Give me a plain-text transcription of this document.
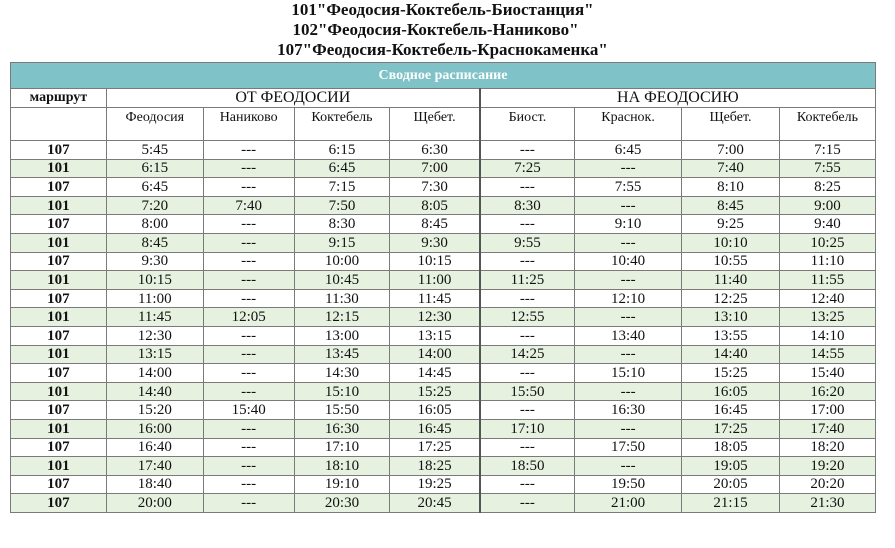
101"Феодосия-Коктебель-Биостанция"
102"Феодосия-Коктебель-Наниково"
107"Феодосия-Коктебель-Краснокаменка"
Сводное расписание								
маршрут	ОТ ФЕОДОСИИ				НА ФЕОДОСИЮ			
	Феодосия	Наниково	Коктебель	Щебет.	Биост.	Краснок.	Щебет.	Коктебель
107	5:45	---	6:15	6:30	---	6:45	7:00	7:15
101	6:15	---	6:45	7:00	7:25	---	7:40	7:55
107	6:45	---	7:15	7:30	---	7:55	8:10	8:25
101	7:20	7:40	7:50	8:05	8:30	---	8:45	9:00
107	8:00	---	8:30	8:45	---	9:10	9:25	9:40
101	8:45	---	9:15	9:30	9:55	---	10:10	10:25
107	9:30	---	10:00	10:15	---	10:40	10:55	11:10
101	10:15	---	10:45	11:00	11:25	---	11:40	11:55
107	11:00	---	11:30	11:45	---	12:10	12:25	12:40
101	11:45	12:05	12:15	12:30	12:55	---	13:10	13:25
107	12:30	---	13:00	13:15	---	13:40	13:55	14:10
101	13:15	---	13:45	14:00	14:25	---	14:40	14:55
107	14:00	---	14:30	14:45	---	15:10	15:25	15:40
101	14:40	---	15:10	15:25	15:50	---	16:05	16:20
107	15:20	15:40	15:50	16:05	---	16:30	16:45	17:00
101	16:00	---	16:30	16:45	17:10	---	17:25	17:40
107	16:40	---	17:10	17:25	---	17:50	18:05	18:20
101	17:40	---	18:10	18:25	18:50	---	19:05	19:20
107	18:40	---	19:10	19:25	---	19:50	20:05	20:20
107	20:00	---	20:30	20:45	---	21:00	21:15	21:30
